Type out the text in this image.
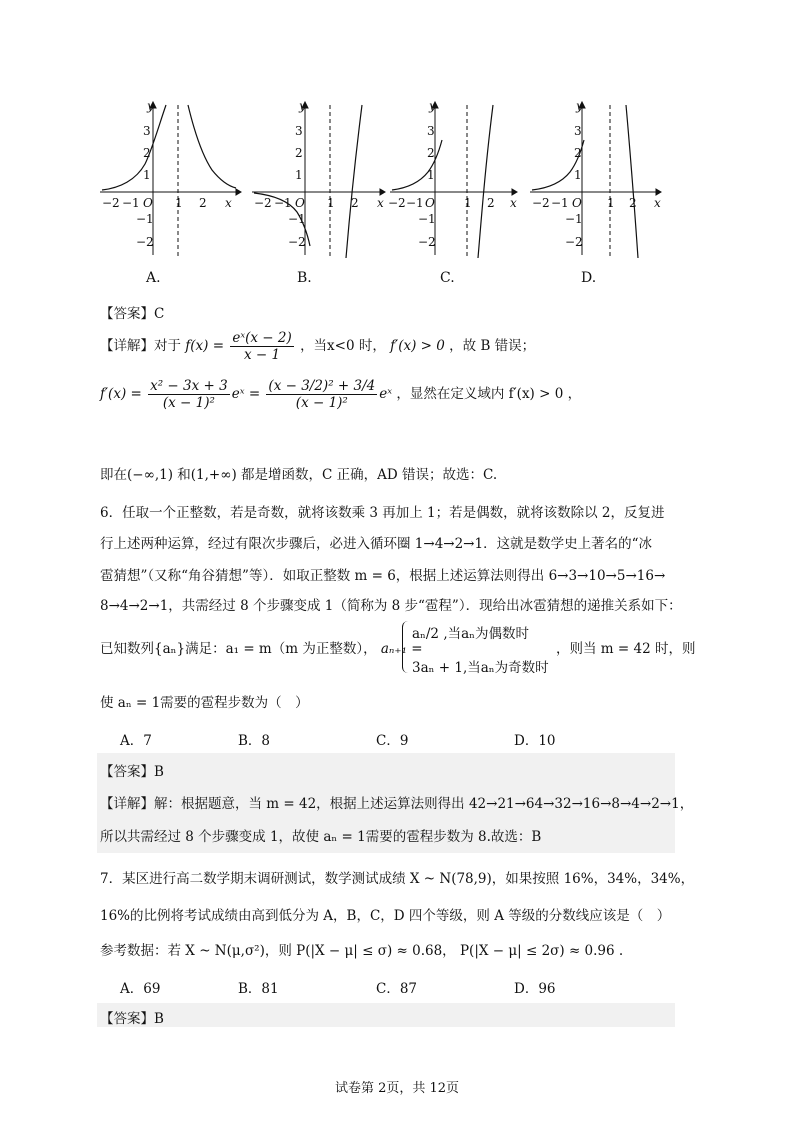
y
x
O
3
2
1
−1
−2
−2 −1	1 2
y
x
O
3
2
1
−1
−2
−2 −1	1 2
y
x
O
3
2
1
−1
−2
−2 −1	1 2
y
x
O
3
2
1
−1
−2
−2 −1	1 2
A.	B.	C.	D.
【答案】C
【详解】对于 $f(x) = \frac{\text{eˣ(x − 2)}}{x - 1}$ ，当x<0 时， f′(x) > 0 ，故 B 错误；
$f'(x) = \frac{\text{x² − 3x + 3}}{\text{(x − 1)²}}$ eˣ = $\frac{\text{(x − 3/2)² + 3/4}}{\text{(x − 1)²}}$ eˣ ，显然在定义域内 f′(x) > 0 ，
即在(−∞,1) 和(1,+∞) 都是增函数，C 正确，AD 错误；故选：C.
6．任取一个正整数，若是奇数，就将该数乘 3 再加上 1；若是偶数，就将该数除以 2，反复进
行上述两种运算，经过有限次步骤后，必进入循环圈 1→4→2→1．这就是数学史上著名的“冰
雹猜想”（又称“角谷猜想”等）．如取正整数 m = 6，根据上述运算法则得出 6→3→10→5→16→
8→4→2→1，共需经过 8 个步骤变成 1（简称为 8 步“雹程”）．现给出冰雹猜想的递推关系如下：
已知数列{aₙ}满足：a₁ = m（m 为正整数）， aₙ₊₁ =
aₙ/2 ,当aₙ为偶数时
3aₙ + 1,当aₙ为奇数时
，则当 m = 42 时，则
使 aₙ = 1需要的雹程步数为（　）
A．7	B．8	C．9	D．10
【答案】B
【详解】解：根据题意，当 m = 42，根据上述运算法则得出 42→21→64→32→16→8→4→2→1，
所以共需经过 8 个步骤变成 1，故使 aₙ = 1需要的雹程步数为 8.故选：B
7．某区进行高二数学期末调研测试，数学测试成绩 X ~ N(78,9)，如果按照 16%，34%，34%，
16%的比例将考试成绩由高到低分为 A，B，C，D 四个等级，则 A 等级的分数线应该是（　）
参考数据：若 X ~ N(μ,σ²)，则 P(|X − μ| ≤ σ) ≈ 0.68， P(|X − μ| ≤ 2σ) ≈ 0.96 .
A．69	B．81	C．87	D．96
【答案】B
试卷第 2页，共 12页
